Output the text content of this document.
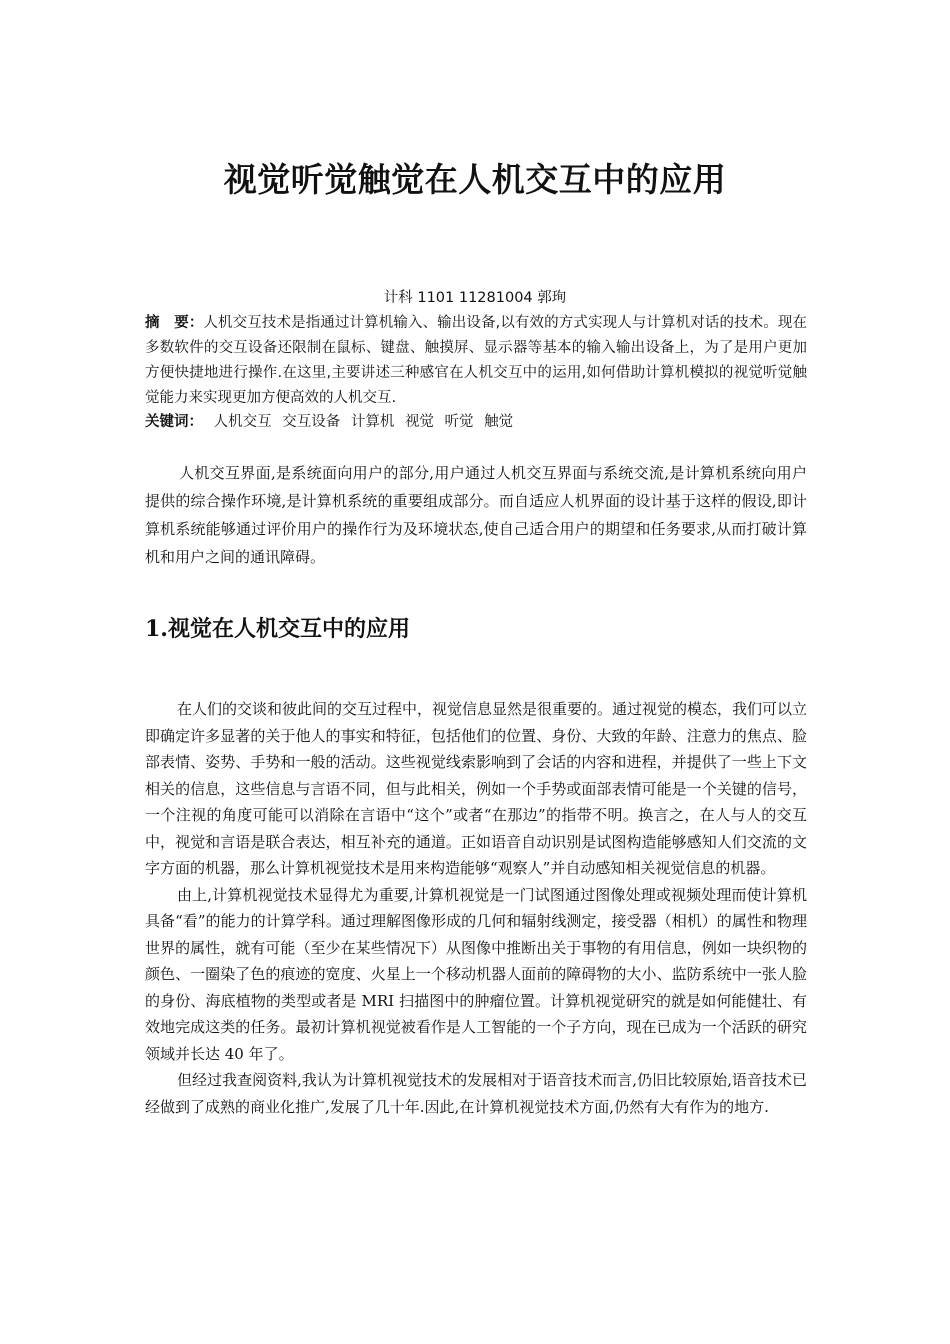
视觉听觉触觉在人机交互中的应用
计科 1101 11281004 郭珣

摘　要：人机交互技术是指通过计算机输入、输出设备,以有效的方式实现人与计算机对话的技术。现在多数软件的交互设备还限制在鼠标、键盘、触摸屏、显示器等基本的输入输出设备上，为了是用户更加方便快捷地进行操作.在这里,主要讲述三种感官在人机交互中的运用,如何借助计算机模拟的视觉听觉触觉能力来实现更加方便高效的人机交互.

关键词： 人机交互 交互设备 计算机 视觉 听觉 触觉

人机交互界面,是系统面向用户的部分,用户通过人机交互界面与系统交流,是计算机系统向用户提供的综合操作环境,是计算机系统的重要组成部分。而自适应人机界面的设计基于这样的假设,即计算机系统能够通过评价用户的操作行为及环境状态,使自己适合用户的期望和任务要求,从而打破计算机和用户之间的通讯障碍。

1.视觉在人机交互中的应用

在人们的交谈和彼此间的交互过程中，视觉信息显然是很重要的。通过视觉的模态，我们可以立即确定许多显著的关于他人的事实和特征，包括他们的位置、身份、大致的年龄、注意力的焦点、脸部表情、姿势、手势和一般的活动。这些视觉线索影响到了会话的内容和进程，并提供了一些上下文相关的信息，这些信息与言语不同，但与此相关，例如一个手势或面部表情可能是一个关键的信号，一个注视的角度可能可以消除在言语中“这个”或者“在那边”的指带不明。换言之，在人与人的交互中，视觉和言语是联合表达，相互补充的通道。正如语音自动识别是试图构造能够感知人们交流的文字方面的机器，那么计算机视觉技术是用来构造能够“观察人”并自动感知相关视觉信息的机器。

由上,计算机视觉技术显得尤为重要,计算机视觉是一门试图通过图像处理或视频处理而使计算机具备“看”的能力的计算学科。通过理解图像形成的几何和辐射线测定，接受器（相机）的属性和物理世界的属性，就有可能（至少在某些情况下）从图像中推断出关于事物的有用信息，例如一块织物的颜色、一圈染了色的痕迹的宽度、火星上一个移动机器人面前的障碍物的大小、监防系统中一张人脸的身份、海底植物的类型或者是 MRI 扫描图中的肿瘤位置。计算机视觉研究的就是如何能健壮、有效地完成这类的任务。最初计算机视觉被看作是人工智能的一个子方向，现在已成为一个活跃的研究领域并长达 40 年了。

但经过我查阅资料,我认为计算机视觉技术的发展相对于语音技术而言,仍旧比较原始,语音技术已经做到了成熟的商业化推广,发展了几十年.因此,在计算机视觉技术方面,仍然有大有作为的地方.
